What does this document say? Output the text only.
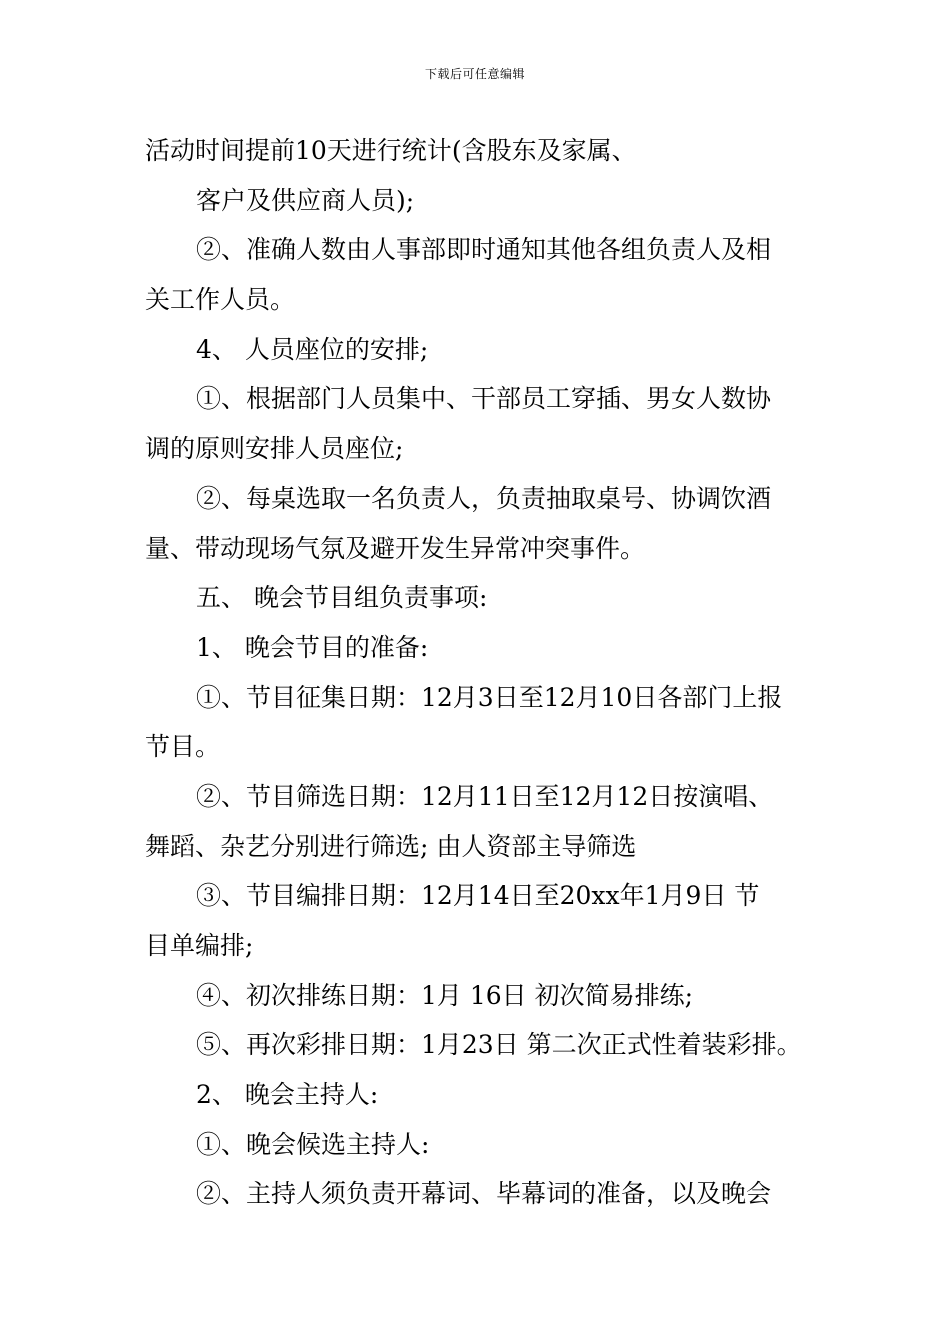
下载后可任意编辑
活动时间提前10天进行统计(含股东及家属、
客户及供应商人员);
②、准确人数由人事部即时通知其他各组负责人及相
关工作人员。
4、 人员座位的安排;
①、根据部门人员集中、干部员工穿插、男女人数协
调的原则安排人员座位;
②、每桌选取一名负责人，负责抽取桌号、协调饮酒
量、带动现场气氛及避开发生异常冲突事件。
五、 晚会节目组负责事项:
1、 晚会节目的准备:
①、节目征集日期：12月3日至12月10日各部门上报
节目。
②、节目筛选日期：12月11日至12月12日按演唱、
舞蹈、杂艺分别进行筛选; 由人资部主导筛选
③、节目编排日期：12月14日至20xx年1月9日 节
目单编排;
④、初次排练日期：1月 16日 初次简易排练;
⑤、再次彩排日期：1月23日 第二次正式性着装彩排。
2、 晚会主持人:
①、晚会候选主持人:
②、主持人须负责开幕词、毕幕词的准备，以及晚会
